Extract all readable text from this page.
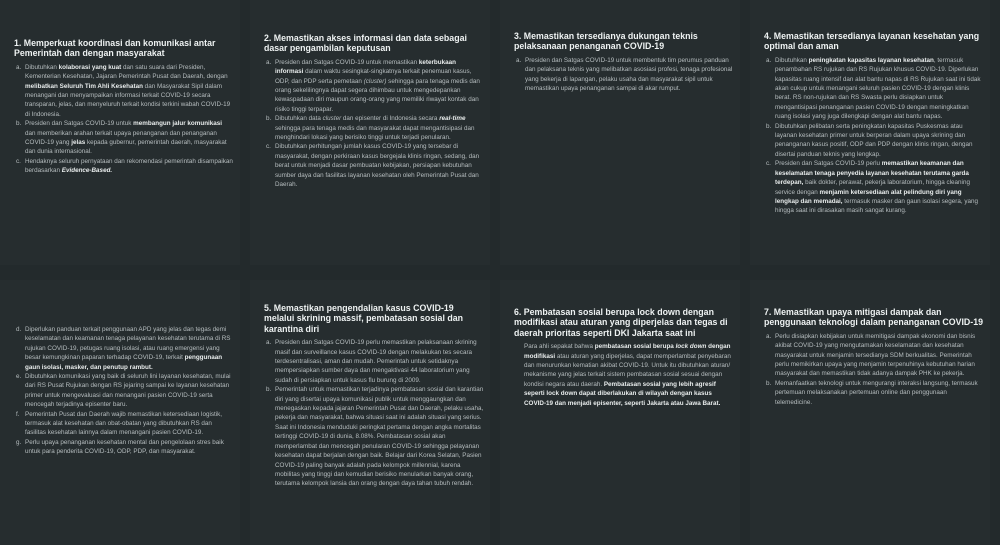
1. Memperkuat koordinasi dan komunikasi antar Pemerintah dan dengan masyarakat
a. Dibutuhkan kolaborasi yang kuat dan satu suara dari Presiden, Kementerian Kesehatan, Jajaran Pemerintah Pusat dan Daerah, dengan melibatkan Seluruh Tim Ahli Kesehatan dan Masyarakat Sipil dalam menangani dan menyampaikan informasi terkait COVID-19 secara transparan, jelas, dan menyeluruh terkait kondisi terkini wabah COVID-19 di Indonesia.
b. Presiden dan Satgas COVID-19 untuk membangun jalur komunikasi dan memberikan arahan terkait upaya penanganan dan penanganan COVID-19 yang jelas kepada gubernur, pemerintah daerah, masyarakat dan dunia internasional.
c. Hendaknya seluruh pernyataan dan rekomendasi pemerintah disampaikan berdasarkan Evidence-Based.
2. Memastikan akses informasi dan data sebagai dasar pengambilan keputusan
a. Presiden dan Satgas COVID-19 untuk memastikan keterbukaan informasi dalam waktu sesingkat-singkatnya terkait penemuan kasus, ODP, dan PDP serta pemetaan (cluster) sehingga para tenaga medis dan orang sekelilingnya dapat segera dihimbau untuk mengedepankan kewaspadaan diri maupun orang-orang yang memiliki riwayat kontak dan risiko tinggi terpapar.
b. Dibutuhkan data cluster dan episenter di Indonesia secara real-time sehingga para tenaga medis dan masyarakat dapat mengantisipasi dan menghindari lokasi yang berisiko tinggi untuk terjadi penularan.
c. Dibutuhkan perhitungan jumlah kasus COVID-19 yang tersebar di masyarakat, dengan perkiraan kasus bergejala klinis ringan, sedang, dan berat untuk menjadi dasar pembuatan kebijakan, persiapan kebutuhan sumber daya dan fasilitas layanan kesehatan oleh Pemerintah Pusat dan Daerah.
3. Memastikan tersedianya dukungan teknis pelaksanaan penanganan COVID-19
a. Presiden dan Satgas COVID-19 untuk membentuk tim perumus panduan dan pelaksana teknis yang melibatkan asosiasi profesi, tenaga profesional yang bekerja di lapangan, pelaku usaha dan masyarakat sipil untuk memastikan upaya penanganan sampai di akar rumput.
4. Memastikan tersedianya layanan kesehatan yang optimal dan aman
a. Dibutuhkan peningkatan kapasitas layanan kesehatan, termasuk penambahan RS rujukan dan RS Rujukan khusus COVID-19. Diperlukan kapasitas ruang intensif dan alat bantu napas di RS Rujukan saat ini tidak akan cukup untuk menangani seluruh pasien COVID-19 dengan klinis berat. RS non-rujukan dan RS Swasta perlu disiapkan untuk mengantisipasi penanganan pasien COVID-19 dengan meningkatkan ruang isolasi yang juga dilengkapi dengan alat bantu napas.
b. Dibutuhkan pelibatan serta peningkatan kapasitas Puskesmas atau layanan kesehatan primer untuk berperan dalam upaya skrining dan penanganan kasus positif, ODP dan PDP dengan klinis ringan, dengan disertai panduan teknis yang lengkap.
c. Presiden dan Satgas COVID-19 perlu memastikan keamanan dan keselamatan tenaga penyedia layanan kesehatan terutama garda terdepan, baik dokter, perawat, pekerja laboratorium, hingga cleaning service dengan menjamin ketersediaan alat pelindung diri yang lengkap dan memadai, termasuk masker dan gaun isolasi segera, yang hingga saat ini dirasakan masih sangat kurang.
d. Diperlukan panduan terkait penggunaan APD yang jelas dan tegas demi keselamatan dan keamanan tenaga pelayanan kesehatan terutama di RS rujukan COVID-19, petugas ruang isolasi, atau ruang emergensi yang besar kemungkinan paparan terhadap COVID-19, terkait penggunaan gaun isolasi, masker, dan penutup rambut.
e. Dibutuhkan komunikasi yang baik di seluruh lini layanan kesehatan, mulai dari RS Pusat Rujukan dengan RS jejaring sampai ke layanan kesehatan primer untuk mengevaluasi dan menangani pasien COVID-19 serta mencegah terjadinya episenter baru.
f. Pemerintah Pusat dan Daerah wajib memastikan ketersediaan logistik, termasuk alat kesehatan dan obat-obatan yang dibutuhkan RS dan fasilitas kesehatan lainnya dalam menangani pasien COVID-19.
g. Perlu upaya penanganan kesehatan mental dan pengelolaan stres baik untuk para penderita COVID-19, ODP, PDP, dan masyarakat.
5. Memastikan pengendalian kasus COVID-19 melalui skrining massif, pembatasan sosial dan karantina diri
a. Presiden dan Satgas COVID-19 perlu memastikan pelaksanaan skrining masif dan surveillance kasus COVID-19 dengan melakukan tes secara terdesentralisasi, aman dan mudah. Pemerintah untuk setidaknya mempersiapkan sumber daya dan mengaktivasi 44 laboratorium yang sudah di persiapkan untuk kasus flu burung di 2009.
b. Pemerintah untuk memastikan terjadinya pembatasan sosial dan karantian diri yang disertai upaya komunikasi publik untuk menggaungkan dan menegaskan kepada jajaran Pemerintah Pusat dan Daerah, pelaku usaha, pekerja dan masyarakat, bahwa situasi saat ini adalah situasi yang serius. Saat ini Indonesia menduduki peringkat pertama dengan angka mortalitas tertinggi COVID-19 di dunia, 8.08%. Pembatasan sosial akan memperlambat dan mencegah penularan COVID-19 sehingga pelayanan kesehatan dapat berjalan dengan baik. Belajar dari Korea Selatan, Pasien COVID-19 paling banyak adalah pada kelompok millennial, karena mobilitas yang tinggi dan kemudian berisiko menularkan banyak orang, terutama kelompok lansia dan orang dengan daya tahan tubuh rendah.
6. Pembatasan sosial berupa lock down dengan modifikasi atau aturan yang diperjelas dan tegas di daerah prioritas seperti DKI Jakarta saat ini
Para ahli sepakat bahwa pembatasan sosial berupa lock down dengan modifikasi atau aturan yang diperjelas, dapat memperlambat penyebaran dan menurunkan kematian akibat COVID-19. Untuk itu dibutuhkan aturan/ mekanisme yang jelas terkait sistem pembatasan sosial sesuai dengan kondisi negara atau daerah. Pembatasan sosial yang lebih agresif seperti lock down dapat diberlakukan di wilayah dengan kasus COVID-19 dan menjadi episenter, seperti Jakarta atau Jawa Barat.
7. Memastikan upaya mitigasi dampak dan penggunaan teknologi dalam penanganan COVID-19
a. Perlu disiapkan kebijakan untuk memitigasi dampak ekonomi dan bisnis akibat COVID-19 yang mengutamakan keselamatan dan kesehatan masyarakat untuk menjamin tersedianya SDM berkualitas. Pemerintah perlu memikirkan upaya yang menjamin terpenuhinya kebutuhan harian masyarakat dan memastikan tidak adanya dampak PHK ke pekerja.
b. Memanfaatkan teknologi untuk mengurangi interaksi langsung, termasuk pertemuan melaksanakan pertemuan online dan penggunaan telemedicine.
